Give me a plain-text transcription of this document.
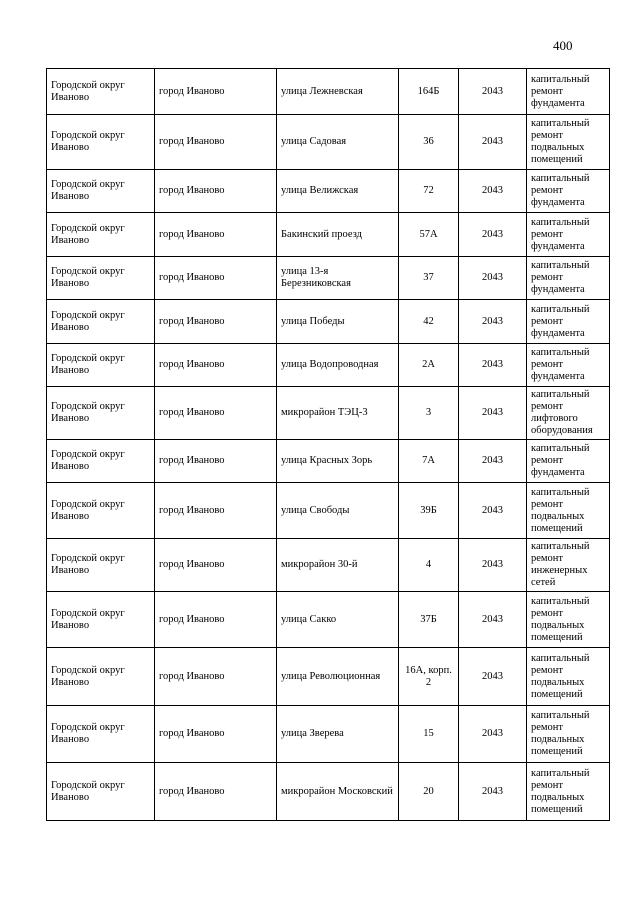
400
Городской округ Иваново	город Иваново	улица Лежневская	164Б	2043	капитальный ремонт фундамента
Городской округ Иваново	город Иваново	улица Садовая	36	2043	капитальный ремонт подвальных помещений
Городской округ Иваново	город Иваново	улица Велижская	72	2043	капитальный ремонт фундамента
Городской округ Иваново	город Иваново	Бакинский проезд	57А	2043	капитальный ремонт фундамента
Городской округ Иваново	город Иваново	улица 13-я Березниковская	37	2043	капитальный ремонт фундамента
Городской округ Иваново	город Иваново	улица Победы	42	2043	капитальный ремонт фундамента
Городской округ Иваново	город Иваново	улица Водопроводная	2А	2043	капитальный ремонт фундамента
Городской округ Иваново	город Иваново	микрорайон ТЭЦ-3	3	2043	капитальный ремонт лифтового оборудования
Городской округ Иваново	город Иваново	улица Красных Зорь	7А	2043	капитальный ремонт фундамента
Городской округ Иваново	город Иваново	улица Свободы	39Б	2043	капитальный ремонт подвальных помещений
Городской округ Иваново	город Иваново	микрорайон 30-й	4	2043	капитальный ремонт инженерных сетей
Городской округ Иваново	город Иваново	улица Сакко	37Б	2043	капитальный ремонт подвальных помещений
Городской округ Иваново	город Иваново	улица Революционная	16А, корп. 2	2043	капитальный ремонт подвальных помещений
Городской округ Иваново	город Иваново	улица Зверева	15	2043	капитальный ремонт подвальных помещений
Городской округ Иваново	город Иваново	микрорайон Московский	20	2043	капитальный ремонт подвальных помещений
